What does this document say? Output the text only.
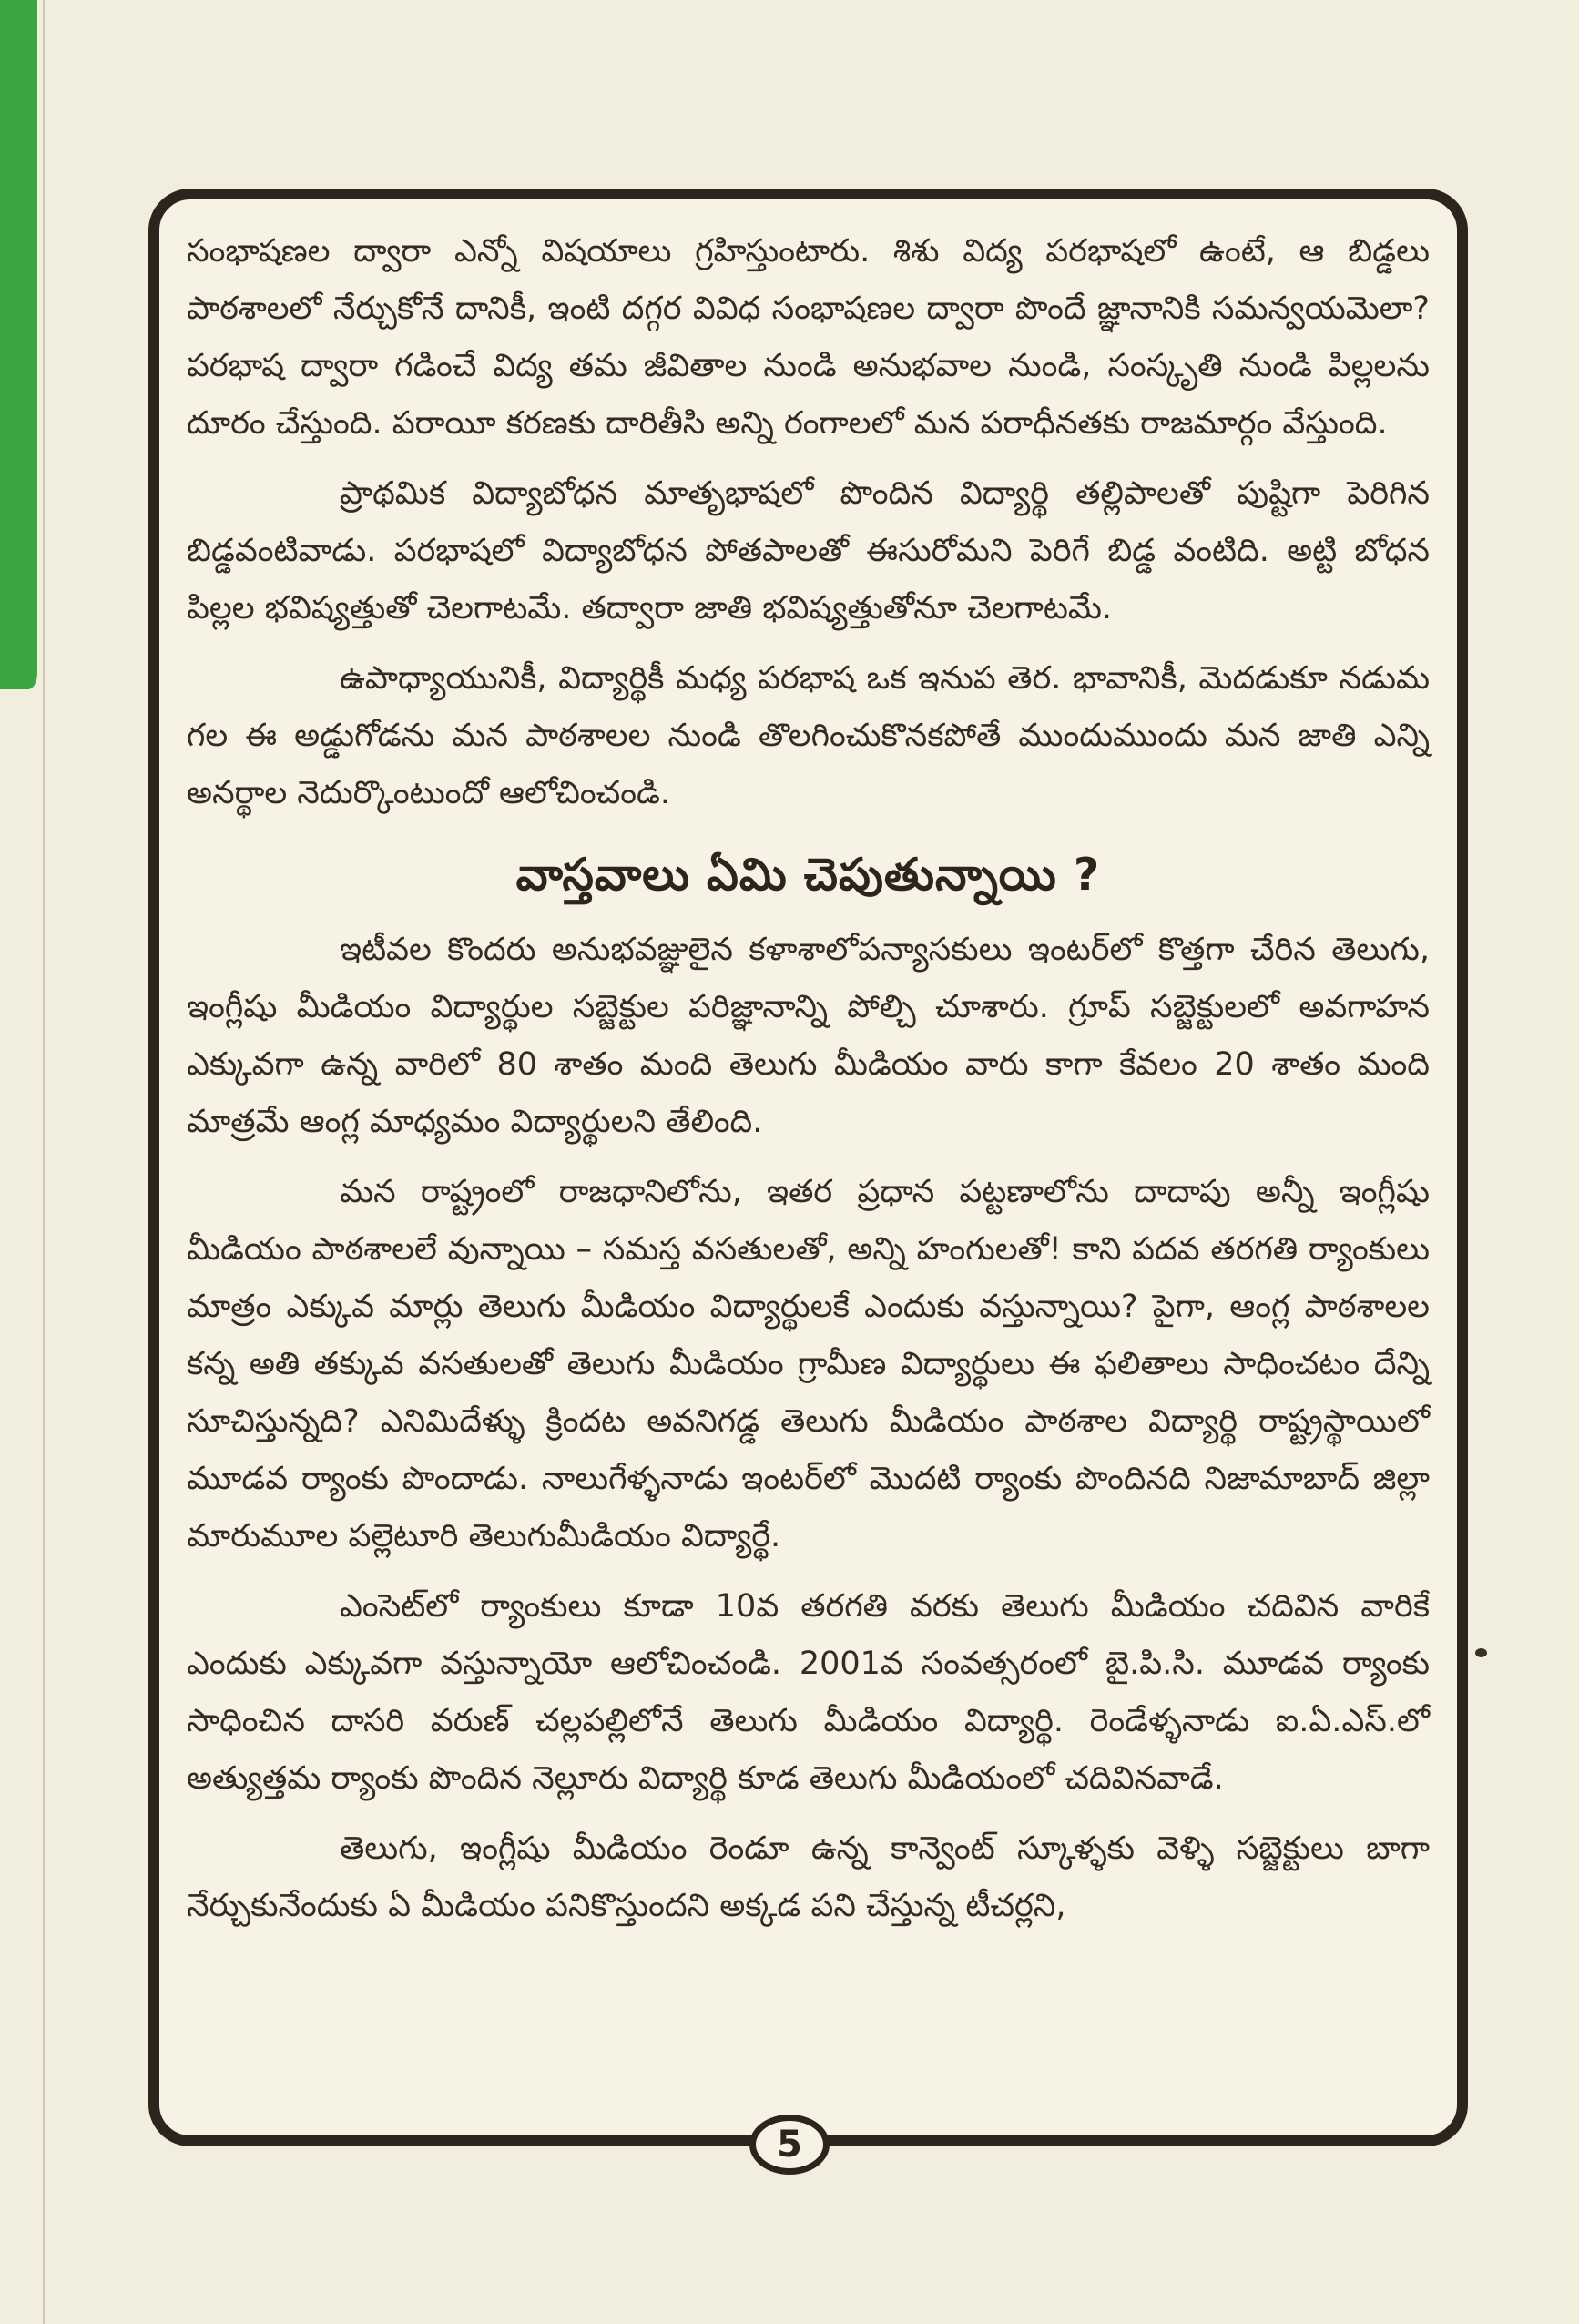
సంభాషణల ద్వారా ఎన్నో విషయాలు గ్రహిస్తుంటారు. శిశు విద్య పరభాషలో ఉంటే, ఆ బిడ్డలు పాఠశాలలో నేర్చుకోనే దానికీ, ఇంటి దగ్గర వివిధ సంభాషణల ద్వారా పొందే జ్ఞానానికి సమన్వయమెలా? పరభాష ద్వారా గడించే విద్య తమ జీవితాల నుండి అనుభవాల నుండి, సంస్కృతి నుండి పిల్లలను దూరం చేస్తుంది. పరాయీ కరణకు దారితీసి అన్ని రంగాలలో మన పరాధీనతకు రాజమార్గం వేస్తుంది.

ప్రాథమిక విద్యాబోధన మాతృభాషలో పొందిన విద్యార్థి తల్లిపాలతో పుష్టిగా పెరిగిన బిడ్డవంటివాడు. పరభాషలో విద్యాబోధన పోతపాలతో ఈసురోమని పెరిగే బిడ్డ వంటిది. అట్టి బోధన పిల్లల భవిష్యత్తుతో చెలగాటమే. తద్వారా జాతి భవిష్యత్తుతోనూ చెలగాటమే.

ఉపాధ్యాయునికీ, విద్యార్థికీ మధ్య పరభాష ఒక ఇనుప తెర. భావానికీ, మెదడుకూ నడుమ గల ఈ అడ్డుగోడను మన పాఠశాలల నుండి తొలగించుకొనకపోతే ముందుముందు మన జాతి ఎన్ని అనర్థాల నెదుర్కొంటుందో ఆలోచించండి.

వాస్తవాలు ఏమి చెపుతున్నాయి ?

ఇటీవల కొందరు అనుభవజ్ఞులైన కళాశాలోపన్యాసకులు ఇంటర్‌లో కొత్తగా చేరిన తెలుగు, ఇంగ్లీషు మీడియం విద్యార్థుల సబ్జెక్టుల పరిజ్ఞానాన్ని పోల్చి చూశారు. గ్రూప్ సబ్జెక్టులలో అవగాహన ఎక్కువగా ఉన్న వారిలో 80 శాతం మంది తెలుగు మీడియం వారు కాగా కేవలం 20 శాతం మంది మాత్రమే ఆంగ్ల మాధ్యమం విద్యార్థులని తేలింది.

మన రాష్ట్రంలో రాజధానిలోను, ఇతర ప్రధాన పట్టణాలోను దాదాపు అన్నీ ఇంగ్లీషు మీడియం పాఠశాలలే వున్నాయి – సమస్త వసతులతో, అన్ని హంగులతో! కాని పదవ తరగతి ర్యాంకులు మాత్రం ఎక్కువ మార్లు తెలుగు మీడియం విద్యార్థులకే ఎందుకు వస్తున్నాయి? పైగా, ఆంగ్ల పాఠశాలల కన్న అతి తక్కువ వసతులతో తెలుగు మీడియం గ్రామీణ విద్యార్థులు ఈ ఫలితాలు సాధించటం దేన్ని సూచిస్తున్నది? ఎనిమిదేళ్ళు క్రిందట అవనిగడ్డ తెలుగు మీడియం పాఠశాల విద్యార్థి రాష్ట్రస్థాయిలో మూడవ ర్యాంకు పొందాడు. నాలుగేళ్ళనాడు ఇంటర్‌లో మొదటి ర్యాంకు పొందినది నిజామాబాద్ జిల్లా మారుమూల పల్లెటూరి తెలుగుమీడియం విద్యార్థే.

ఎంసెట్‌లో ర్యాంకులు కూడా 10వ తరగతి వరకు తెలుగు మీడియం చదివిన వారికే ఎందుకు ఎక్కువగా వస్తున్నాయో ఆలోచించండి. 2001వ సంవత్సరంలో బై.పి.సి. మూడవ ర్యాంకు సాధించిన దాసరి వరుణ్ చల్లపల్లిలోనే తెలుగు మీడియం విద్యార్థి. రెండేళ్ళనాడు ఐ.ఏ.ఎస్.లో అత్యుత్తమ ర్యాంకు పొందిన నెల్లూరు విద్యార్థి కూడ తెలుగు మీడియంలో చదివినవాడే.

తెలుగు, ఇంగ్లీషు మీడియం రెండూ ఉన్న కాన్వెంట్ స్కూళ్ళకు వెళ్ళి సబ్జెక్టులు బాగా నేర్చుకునేందుకు ఏ మీడియం పనికొస్తుందని అక్కడ పని చేస్తున్న టీచర్లని,

5
